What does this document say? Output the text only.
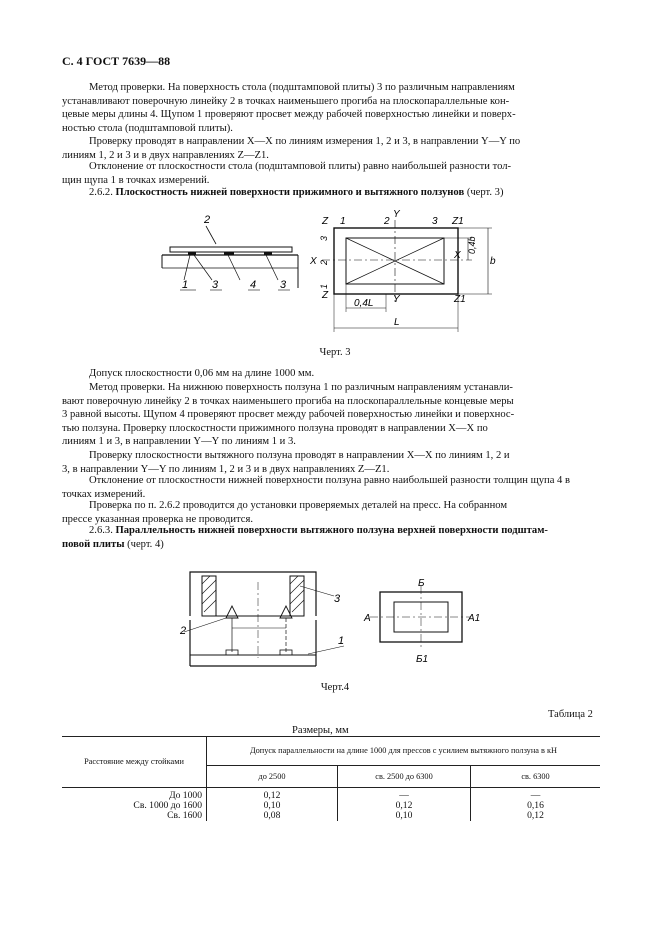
С. 4 ГОСТ 7639—88

Метод проверки. На поверхность стола (подштамповой плиты) 3 по различным направлениям

устанавливают поверочную линейку 2 в точках наименьшего прогиба на плоскопараллельные кон-

цевые меры длины 4. Щупом 1 проверяют просвет между рабочей поверхностью линейки и поверх-

ностью стола (подштамповой плиты).

Проверку проводят в направлении X—X по линиям измерения 1, 2 и 3, в направлении Y—Y по

линиям 1, 2 и 3 и в двух направлениях Z—Z1.

Отклонение от плоскостности стола (подштамповой плиты) равно наибольшей разности тол-

щин щупа 1 в точках измерений.

2.6.2. Плоскостность нижней поверхности прижимного и вытяжного ползунов (черт. 3)

2
1 3	4 3
Z 1	2
Y
3 Z1
3
2
1
X
X
Z	Y	Z1
0,4b
b
0,4L
L
Черт. 3

Допуск плоскостности 0,06 мм на длине 1000 мм.

Метод проверки. На нижнюю поверхность ползуна 1 по различным направлениям устанавли-

вают поверочную линейку 2 в точках наименьшего прогиба на плоскопараллельные концевые меры

3 равной высоты. Щупом 4 проверяют просвет между рабочей поверхностью линейки и поверхнос-

тью ползуна. Проверку плоскостности прижимного ползуна проводят в направлении X—X по

линиям 1 и 3, в направлении Y—Y по линиям 1 и 3.

Проверку плоскостности вытяжного ползуна проводят в направлении X—X по линиям 1, 2 и

3, в направлении Y—Y по линиям 1, 2 и 3 и в двух направлениях Z—Z1.

Отклонение от плоскостности нижней поверхности ползуна равно наибольшей разности толщин щупа 4 в

точках измерений.

Проверка по п. 2.6.2 проводится до установки проверяемых деталей на пресс. На собранном

прессе указанная проверка не проводится.

2.6.3. Параллельность нижней поверхности вытяжного ползуна верхней поверхности подштам-

повой плиты (черт. 4)

3
2
1
Б
А	А1
Б1
Черт.4
Таблица 2
Размеры, мм
Расстояние между стойками	Допуск параллельности на длине 1000 для прессов с усилием вытяжного ползуна в кН		
	до 2500	св. 2500 до 6300	св. 6300
До 1000	0,12	—	—
Св. 1000 до 1600	0,10	0,12	0,16
Св. 1600	0,08	0,10	0,12
